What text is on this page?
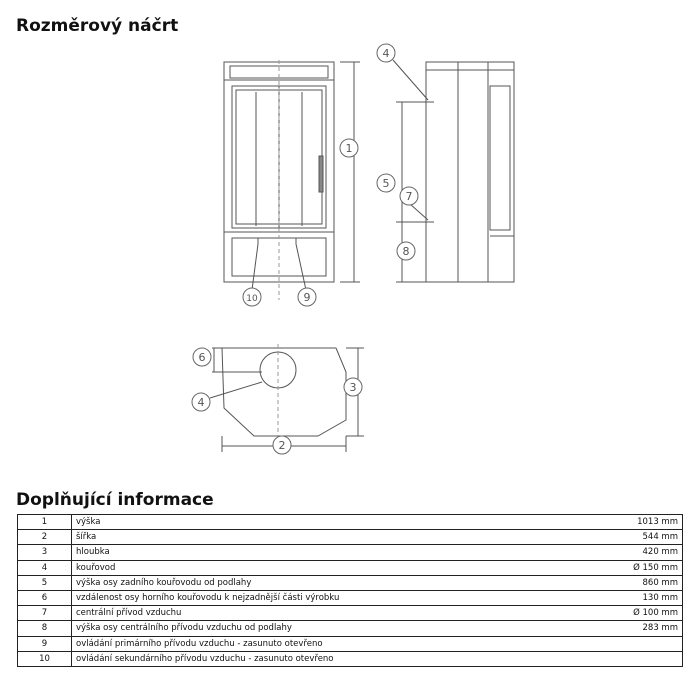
Rozměrový náčrt
1
4
5
7
8
10	9
6
4
3
2
Doplňující informace
1	výška	1013 mm
2	šířka	544 mm
3	hloubka	420 mm
4	kouřovod	Ø 150 mm
5	výška osy zadního kouřovodu od podlahy	860 mm
6	vzdálenost osy horního kouřovodu k nejzadnější části výrobku	130 mm
7	centrální přívod vzduchu	Ø 100 mm
8	výška osy centrálního přívodu vzduchu od podlahy	283 mm
9	ovládání primárního přívodu vzduchu - zasunuto otevřeno	
10	ovládání sekundárního přívodu vzduchu - zasunuto otevřeno	
